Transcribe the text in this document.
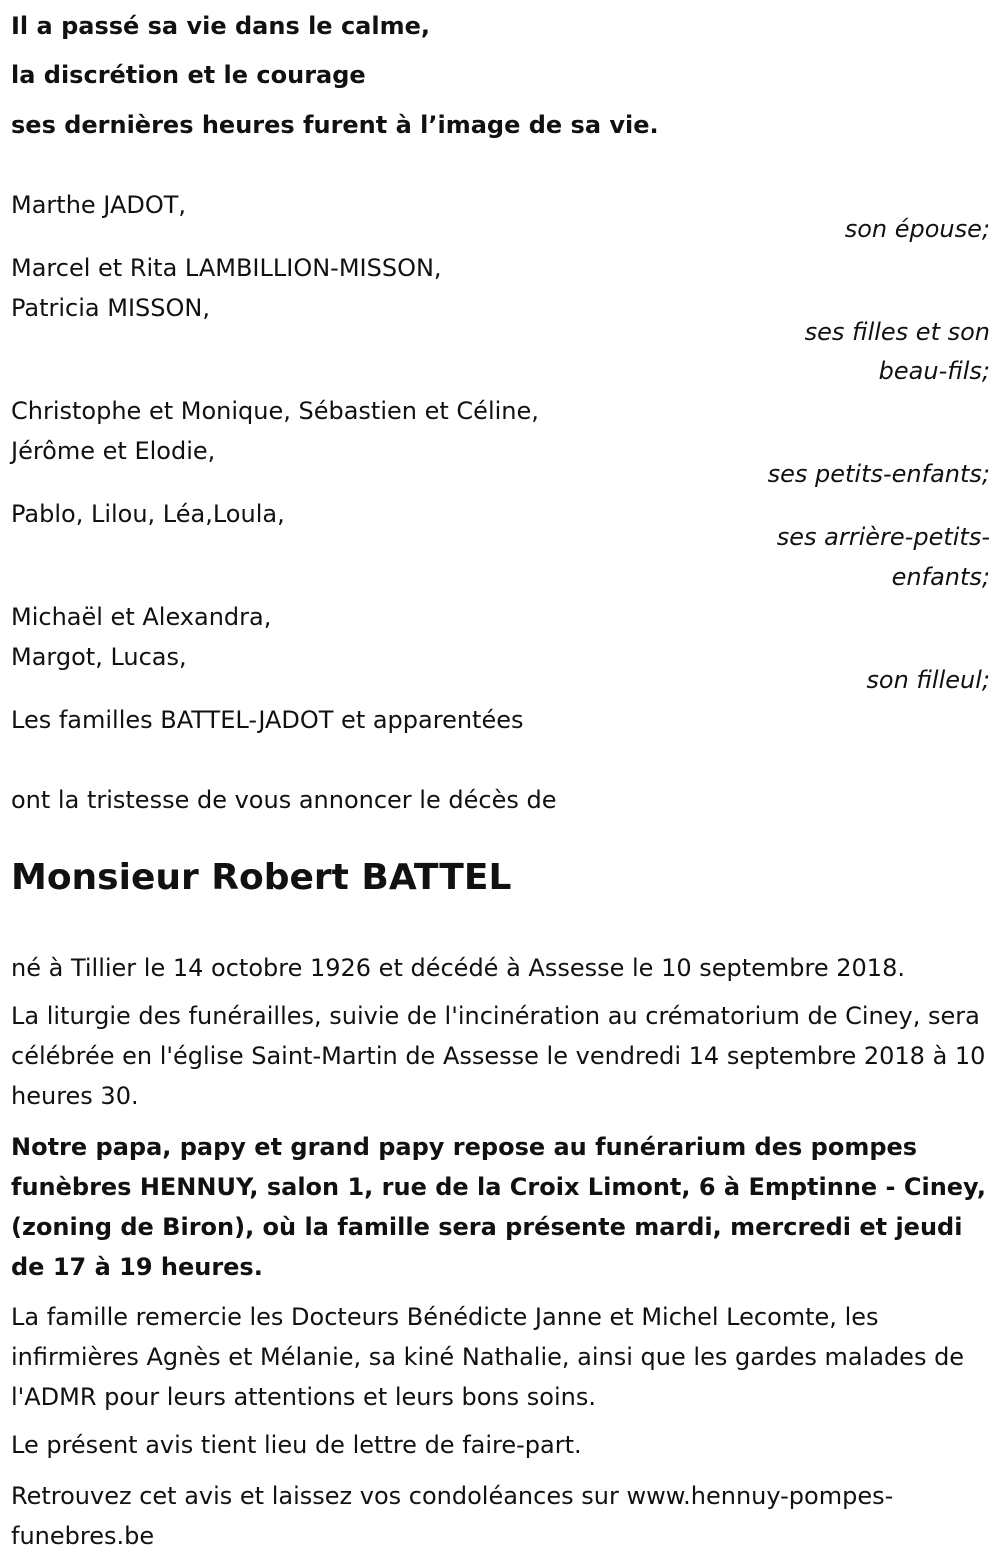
Il a passé sa vie dans le calme,
la discrétion et le courage
ses dernières heures furent à l’image de sa vie.
Marthe JADOT,
son épouse;
Marcel et Rita LAMBILLION-MISSON,
Patricia MISSON,
ses filles et son
beau-fils;
Christophe et Monique, Sébastien et Céline,
Jérôme et Elodie,
ses petits-enfants;
Pablo, Lilou, Léa,Loula,
ses arrière-petits-
enfants;
Michaël et Alexandra,
Margot, Lucas,
son filleul;
Les familles BATTEL-JADOT et apparentées
ont la tristesse de vous annoncer le décès de
Monsieur Robert BATTEL
né à Tillier le 14 octobre 1926 et décédé à Assesse le 10 septembre 2018.
La liturgie des funérailles, suivie de l'incinération au crématorium de Ciney, sera célébrée en l'église Saint-Martin de Assesse le vendredi 14 septembre 2018 à 10 heures 30.
Notre papa, papy et grand papy repose au funérarium des pompes funèbres HENNUY, salon 1, rue de la Croix Limont, 6 à Emptinne - Ciney, (zoning de Biron), où la famille sera présente mardi, mercredi et jeudi de 17 à 19 heures.
La famille remercie les Docteurs Bénédicte Janne et Michel Lecomte, les infirmières Agnès et Mélanie, sa kiné Nathalie, ainsi que les gardes malades de l'ADMR pour leurs attentions et leurs bons soins.
Le présent avis tient lieu de lettre de faire-part.
Retrouvez cet avis et laissez vos condoléances sur www.hennuy-pompes-funebres.be
